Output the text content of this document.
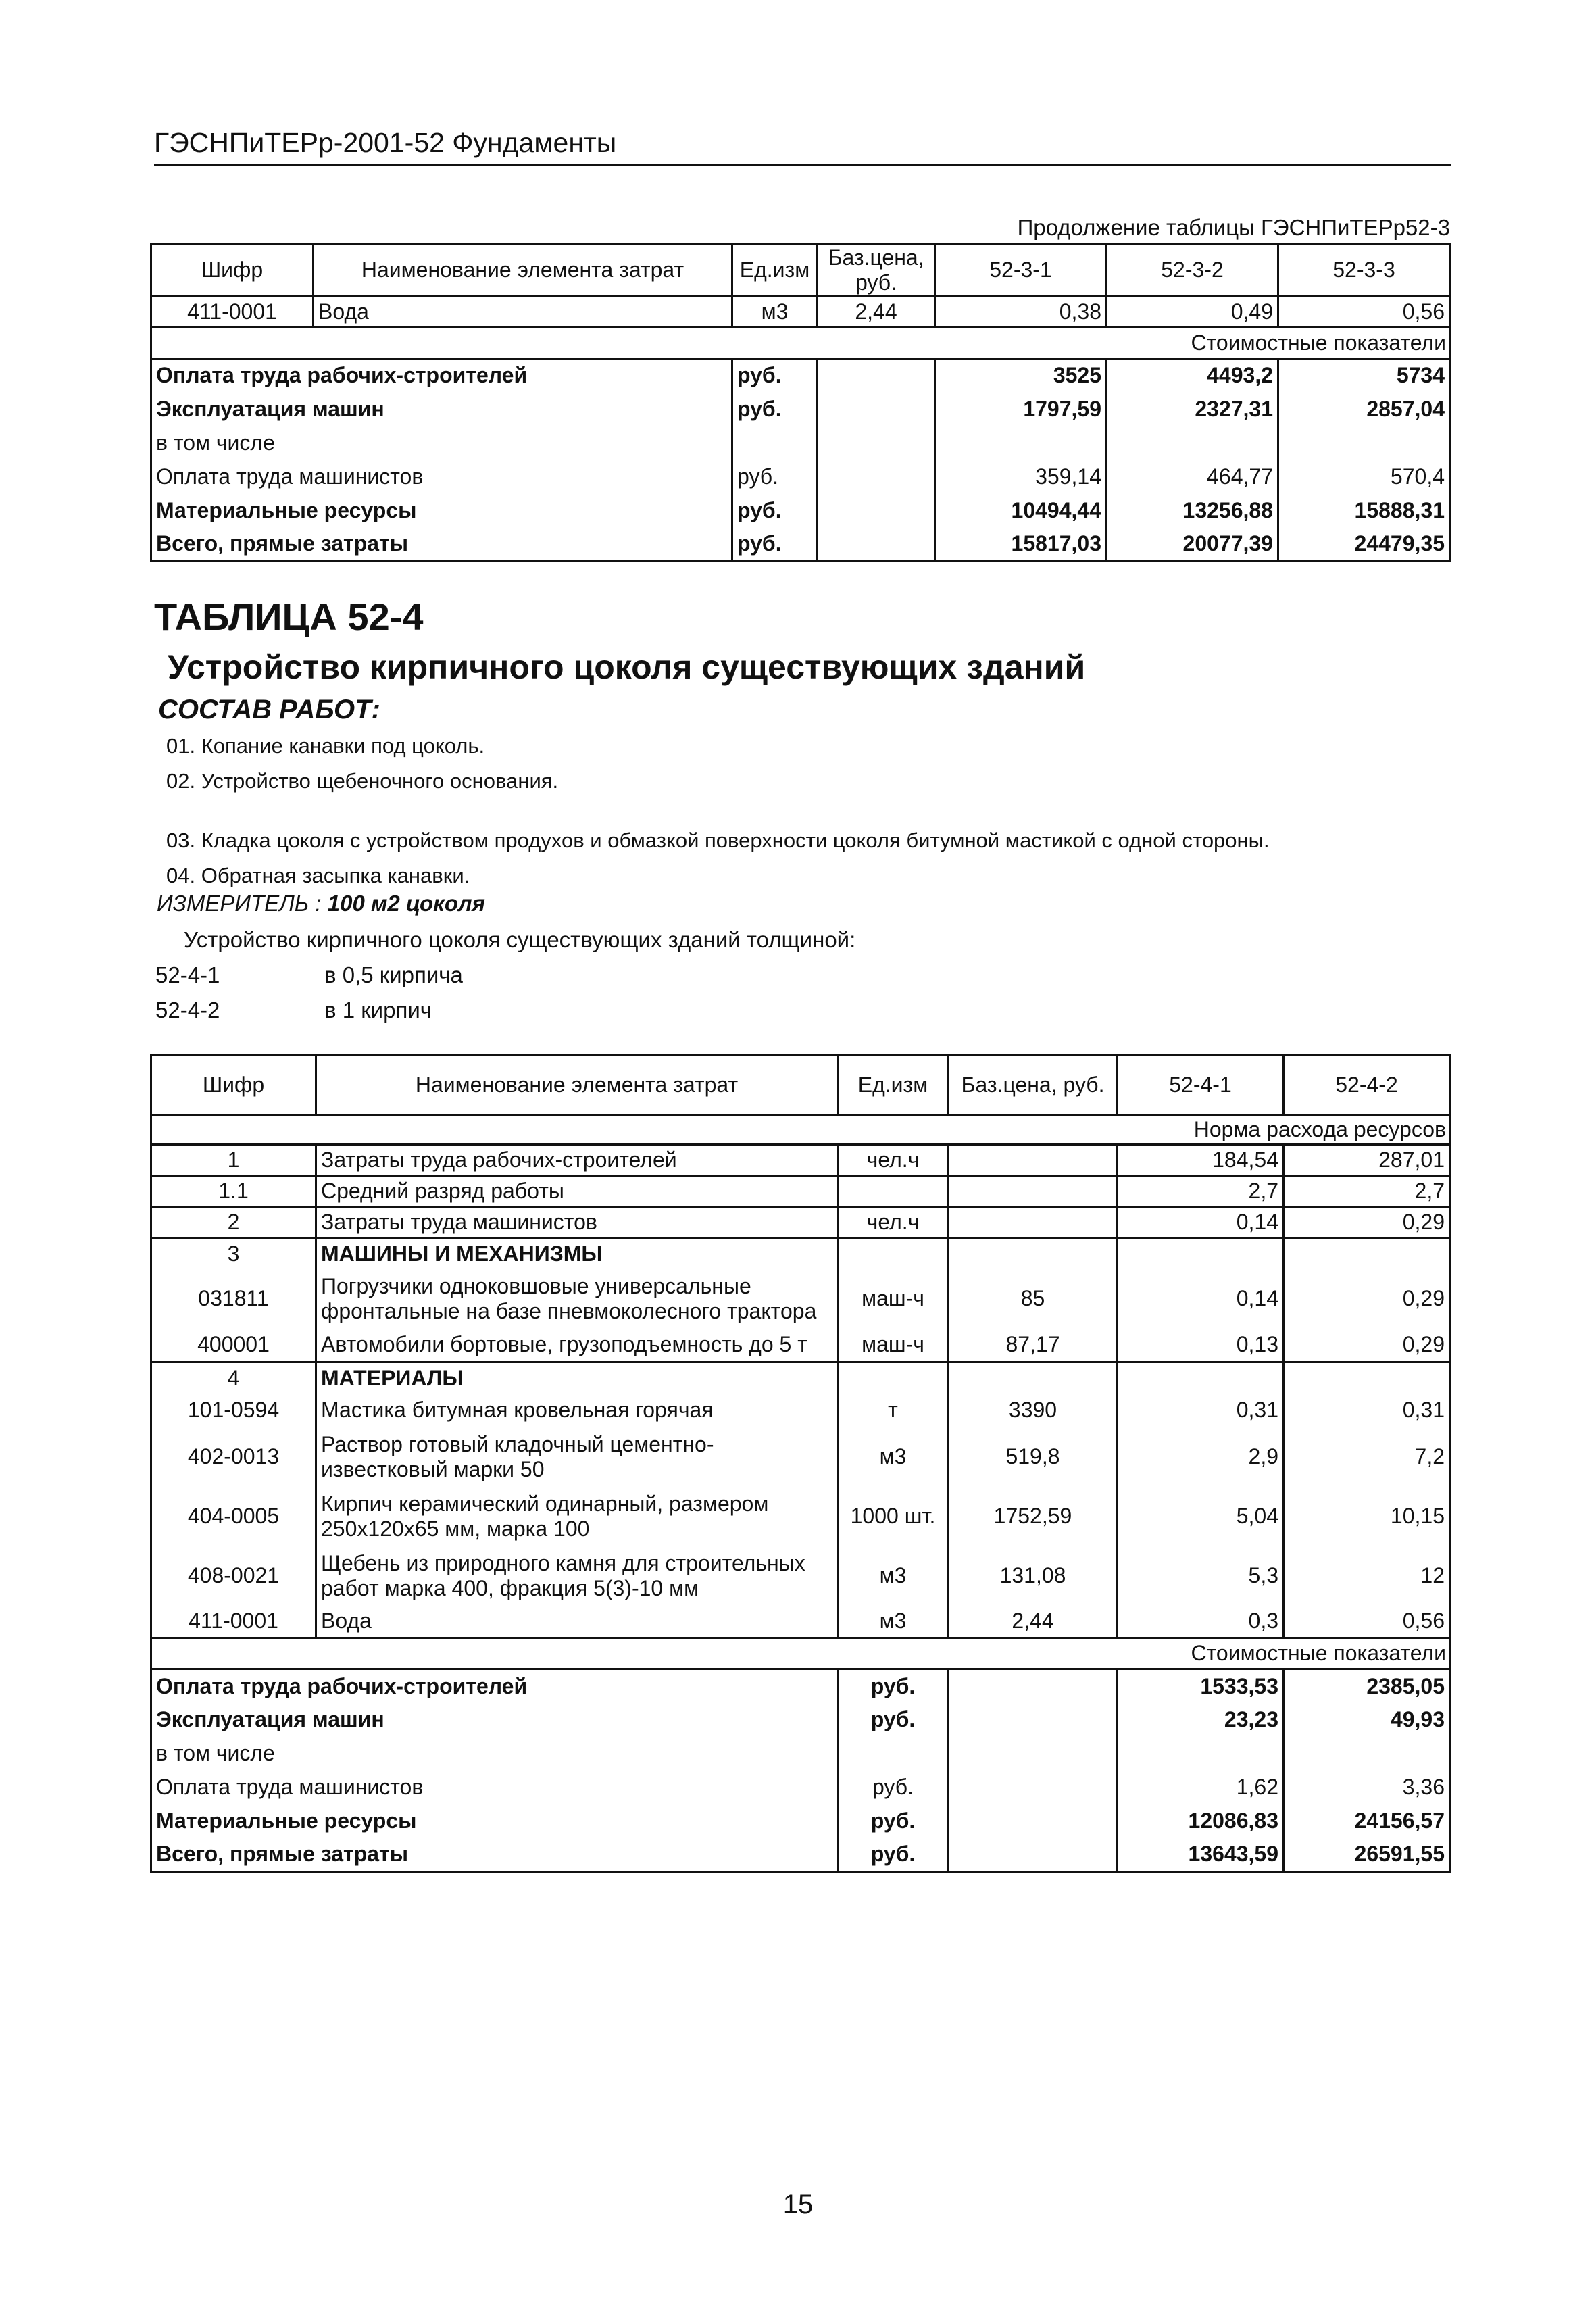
ГЭСНПиТЕРр-2001-52 Фундаменты
Продолжение таблицы ГЭСНПиТЕРр52-3
Шифр	Наименование элемента затрат	Ед.изм	Баз.цена, руб.	52-3-1	52-3-2	52-3-3
411-0001	Вода	м3	2,44	0,38	0,49	0,56
Стоимостные показатели						
Оплата труда рабочих-строителей		руб.		3525	4493,2	5734
Эксплуатация машин		руб.		1797,59	2327,31	2857,04
в том числе						
Оплата труда машинистов		руб.		359,14	464,77	570,4
Материальные ресурсы		руб.		10494,44	13256,88	15888,31
Всего, прямые затраты		руб.		15817,03	20077,39	24479,35
ТАБЛИЦА 52-4
Устройство кирпичного цоколя существующих зданий
СОСТАВ РАБОТ:
01. Копание канавки под цоколь.
02. Устройство щебеночного основания.
03. Кладка цоколя с устройством продухов и обмазкой поверхности цоколя битумной мастикой с одной стороны.
04. Обратная засыпка канавки.
ИЗМЕРИТЕЛЬ : 100 м2 цоколя
Устройство кирпичного цоколя существующих зданий толщиной:
52-4-1	в 0,5 кирпича
52-4-2	в 1 кирпич
Шифр	Наименование элемента затрат	Ед.изм	Баз.цена, руб.	52-4-1	52-4-2
Норма расхода ресурсов					
1	Затраты труда рабочих-строителей	чел.ч		184,54	287,01
1.1	Средний разряд работы			2,7	2,7
2	Затраты труда машинистов	чел.ч		0,14	0,29
3	МАШИНЫ И МЕХАНИЗМЫ				
031811	Погрузчики одноковшовые универсальные фронтальные на базе пневмоколесного трактора	маш-ч	85	0,14	0,29
400001	Автомобили бортовые, грузоподъемность до 5 т	маш-ч	87,17	0,13	0,29
4	МАТЕРИАЛЫ				
101-0594	Мастика битумная кровельная горячая	т	3390	0,31	0,31
402-0013	Раствор готовый кладочный цементно-известковый марки 50	м3	519,8	2,9	7,2
404-0005	Кирпич керамический одинарный, размером 250х120х65 мм, марка 100	1000 шт.	1752,59	5,04	10,15
408-0021	Щебень из природного камня для строительных работ марка 400, фракция 5(3)-10 мм	м3	131,08	5,3	12
411-0001	Вода	м3	2,44	0,3	0,56
Стоимостные показатели					
Оплата труда рабочих-строителей		руб.		1533,53	2385,05
Эксплуатация машин		руб.		23,23	49,93
в том числе					
Оплата труда машинистов		руб.		1,62	3,36
Материальные ресурсы		руб.		12086,83	24156,57
Всего, прямые затраты		руб.		13643,59	26591,55
15
